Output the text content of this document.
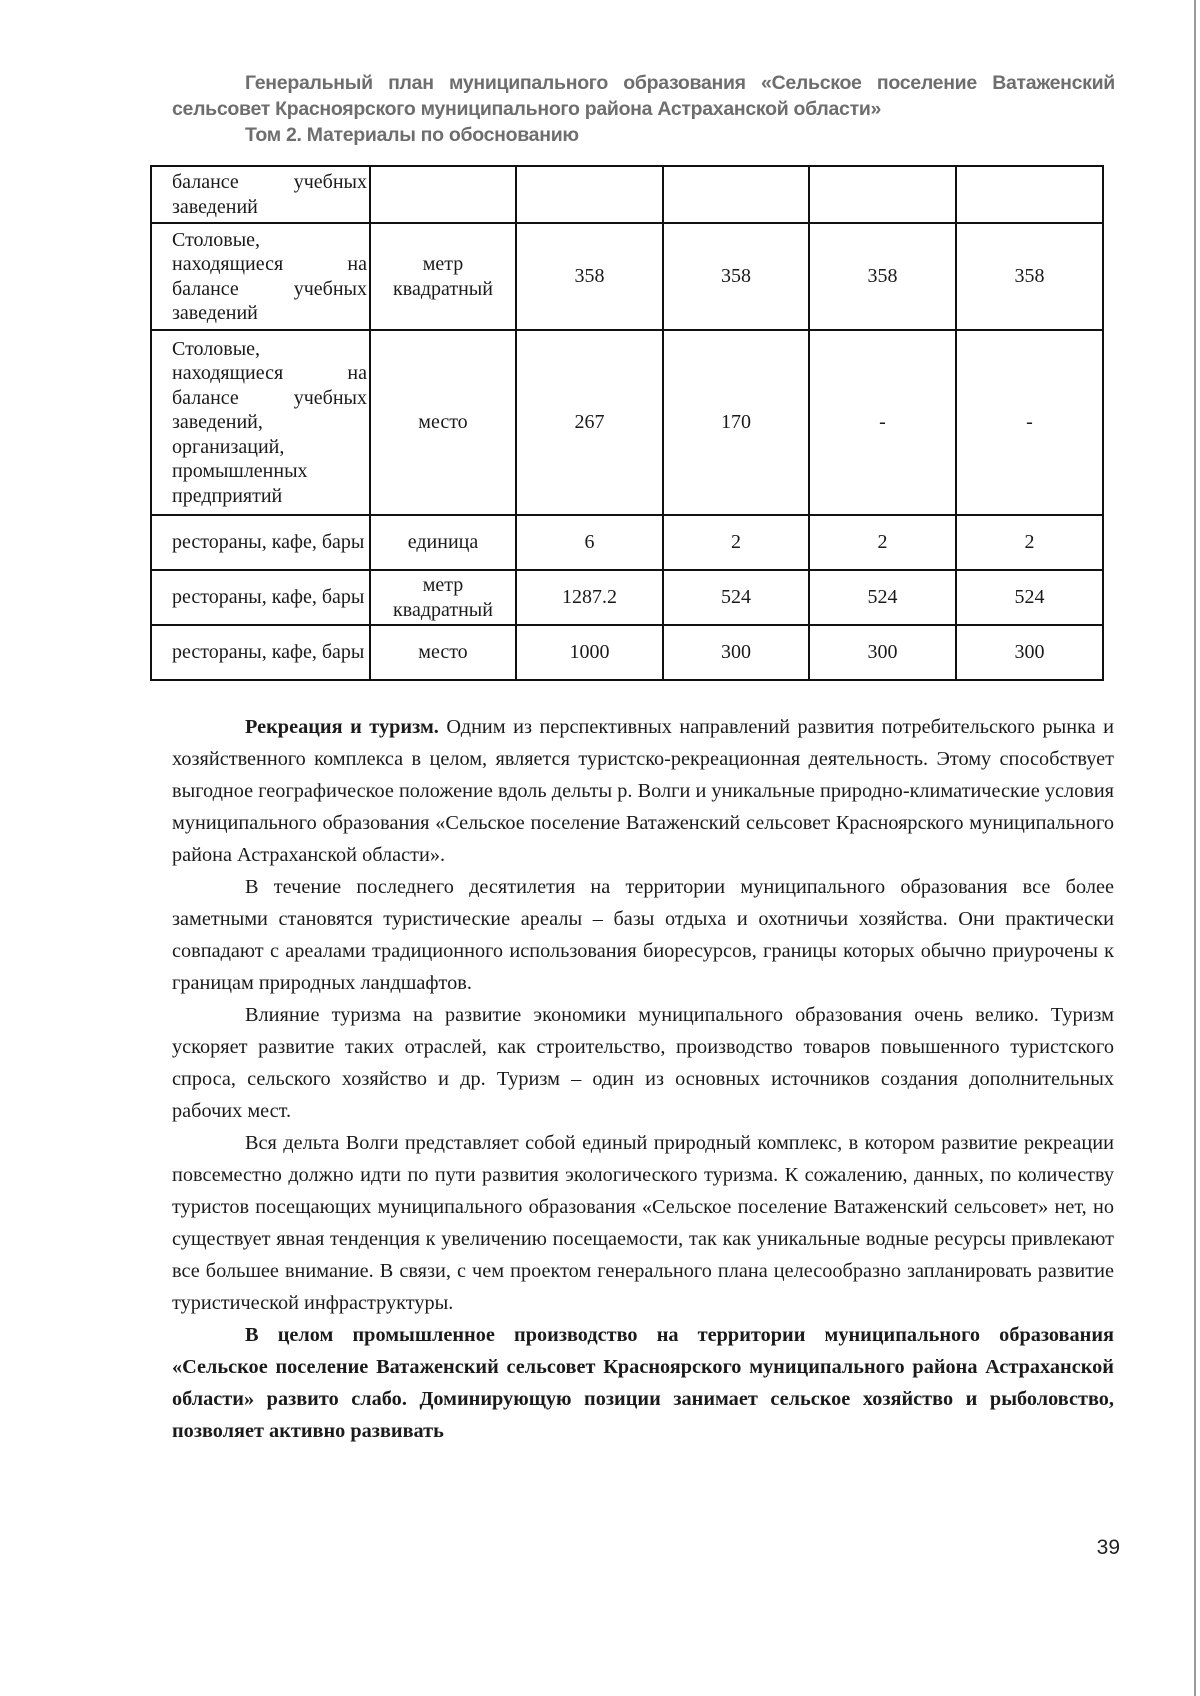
Генеральный план муниципального образования «Сельское поселение Ватаженский
сельсовет Красноярского муниципального района Астраханской области»
Том 2. Материалы по обоснованию
балансе учебных заведений					
Столовые, находящиеся на балансе учебных заведений	метр квадратный	358	358	358	358
Столовые, находящиеся на балансе учебных заведений, организаций, промышленных предприятий	место	267	170	-	-
рестораны, кафе, бары	единица	6	2	2	2
рестораны, кафе, бары	метр квадратный	1287.2	524	524	524
рестораны, кафе, бары	место	1000	300	300	300

Рекреация и туризм. Одним из перспективных направлений развития потребительского рынка и хозяйственного комплекса в целом, является туристско-рекреационная деятельность. Этому способствует выгодное географическое положение вдоль дельты р. Волги и уникальные природно-климатические условия муниципального образования «Сельское поселение Ватаженский сельсовет Красноярского муниципального района Астраханской области».

В течение последнего десятилетия на территории муниципального образования все более заметными становятся туристические ареалы – базы отдыха и охотничьи хозяйства. Они практически совпадают с ареалами традиционного использования биоресурсов, границы которых обычно приурочены к границам природных ландшафтов.

Влияние туризма на развитие экономики муниципального образования очень велико. Туризм ускоряет развитие таких отраслей, как строительство, производство товаров повышенного туристского спроса, сельского хозяйство и др. Туризм – один из основных источников создания дополнительных рабочих мест.

Вся дельта Волги представляет собой единый природный комплекс, в котором развитие рекреации повсеместно должно идти по пути развития экологического туризма. К сожалению, данных, по количеству туристов посещающих муниципального образования «Сельское поселение Ватаженский сельсовет» нет, но существует явная тенденция к увеличению посещаемости, так как уникальные водные ресурсы привлекают все большее внимание. В связи, с чем проектом генерального плана целесообразно запланировать развитие туристической инфраструктуры.

В целом промышленное производство на территории муниципального образования «Сельское поселение Ватаженский сельсовет Красноярского муниципального района Астраханской области» развито слабо. Доминирующую позиции занимает сельское хозяйство и рыболовство, позволяет активно развивать

39
